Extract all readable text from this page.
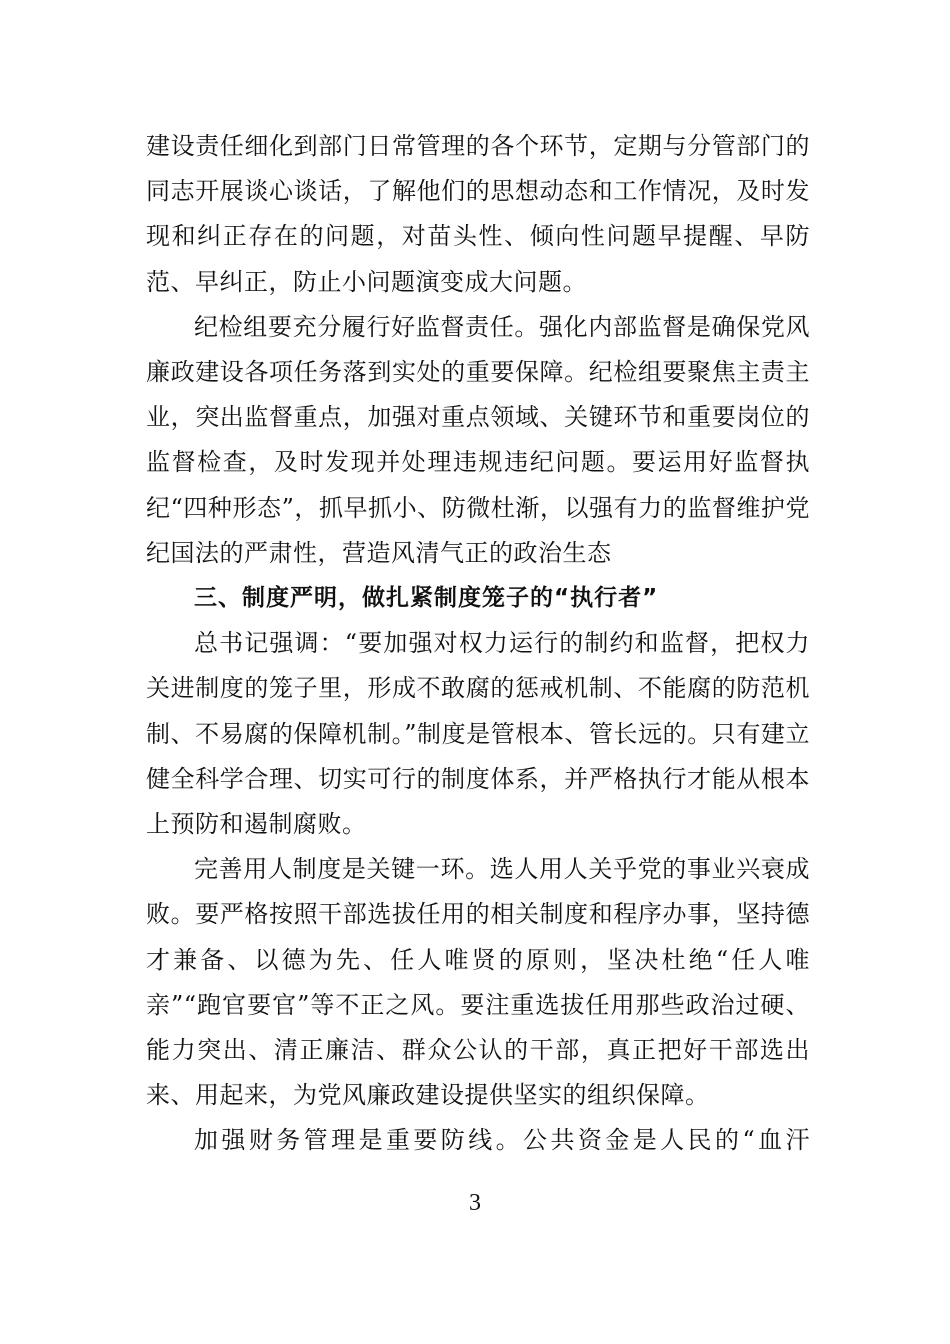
建设责任细化到部门日常管理的各个环节，定期与分管部门的同志开展谈心谈话，了解他们的思想动态和工作情况，及时发现和纠正存在的问题，对苗头性、倾向性问题早提醒、早防范、早纠正，防止小问题演变成大问题。

纪检组要充分履行好监督责任。强化内部监督是确保党风廉政建设各项任务落到实处的重要保障。纪检组要聚焦主责主业，突出监督重点，加强对重点领域、关键环节和重要岗位的监督检查，及时发现并处理违规违纪问题。要运用好监督执纪“四种形态”，抓早抓小、防微杜渐，以强有力的监督维护党纪国法的严肃性，营造风清气正的政治生态

三、制度严明，做扎紧制度笼子的“执行者”

总书记强调：“要加强对权力运行的制约和监督，把权力关进制度的笼子里，形成不敢腐的惩戒机制、不能腐的防范机制、不易腐的保障机制。”制度是管根本、管长远的。只有建立健全科学合理、切实可行的制度体系，并严格执行才能从根本上预防和遏制腐败。

完善用人制度是关键一环。选人用人关乎党的事业兴衰成败。要严格按照干部选拔任用的相关制度和程序办事，坚持德才兼备、以德为先、任人唯贤的原则，坚决杜绝“任人唯亲”“跑官要官”等不正之风。要注重选拔任用那些政治过硬、能力突出、清正廉洁、群众公认的干部，真正把好干部选出来、用起来，为党风廉政建设提供坚实的组织保障。

加强财务管理是重要防线。公共资金是人民的“血汗

3
